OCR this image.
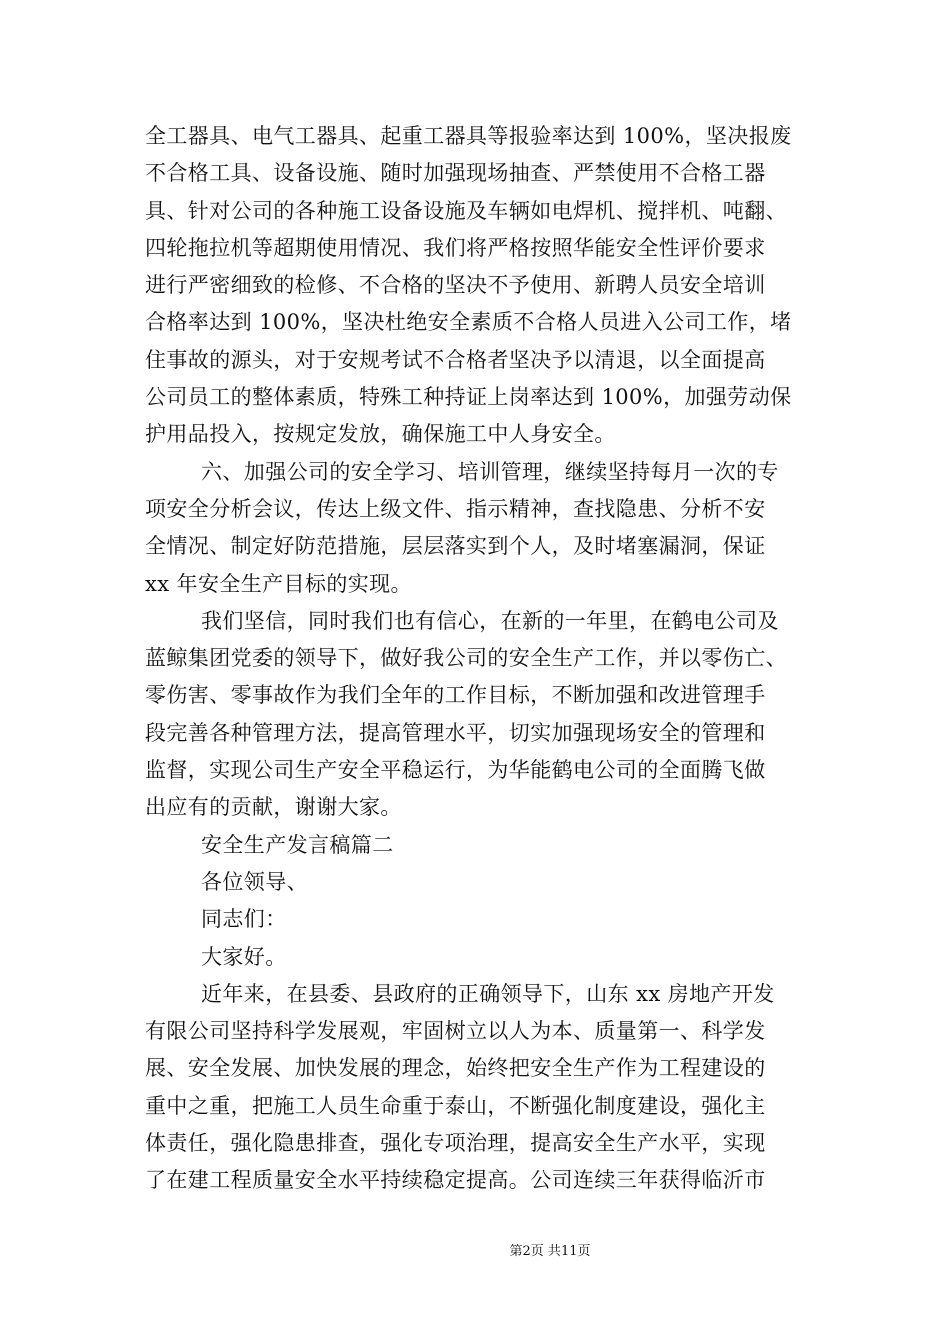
全工器具、电气工器具、起重工器具等报验率达到 100%，坚决报废
不合格工具、设备设施、随时加强现场抽查、严禁使用不合格工器
具、针对公司的各种施工设备设施及车辆如电焊机、搅拌机、吨翻、
四轮拖拉机等超期使用情况、我们将严格按照华能安全性评价要求
进行严密细致的检修、不合格的坚决不予使用、新聘人员安全培训
合格率达到 100%，坚决杜绝安全素质不合格人员进入公司工作，堵
住事故的源头，对于安规考试不合格者坚决予以清退，以全面提高
公司员工的整体素质，特殊工种持证上岗率达到 100%，加强劳动保
护用品投入，按规定发放，确保施工中人身安全。
六、加强公司的安全学习、培训管理，继续坚持每月一次的专
项安全分析会议，传达上级文件、指示精神，查找隐患、分析不安
全情况、制定好防范措施，层层落实到个人，及时堵塞漏洞，保证
xx 年安全生产目标的实现。
我们坚信，同时我们也有信心，在新的一年里，在鹤电公司及
蓝鲸集团党委的领导下，做好我公司的安全生产工作，并以零伤亡、
零伤害、零事故作为我们全年的工作目标，不断加强和改进管理手
段完善各种管理方法，提高管理水平，切实加强现场安全的管理和
监督，实现公司生产安全平稳运行，为华能鹤电公司的全面腾飞做
出应有的贡献，谢谢大家。
安全生产发言稿篇二
各位领导、
同志们：
大家好。
近年来，在县委、县政府的正确领导下，山东 xx 房地产开发
有限公司坚持科学发展观，牢固树立以人为本、质量第一、科学发
展、安全发展、加快发展的理念，始终把安全生产作为工程建设的
重中之重，把施工人员生命重于泰山，不断强化制度建设，强化主
体责任，强化隐患排查，强化专项治理，提高安全生产水平，实现
了在建工程质量安全水平持续稳定提高。公司连续三年获得临沂市
第2页 共11页
